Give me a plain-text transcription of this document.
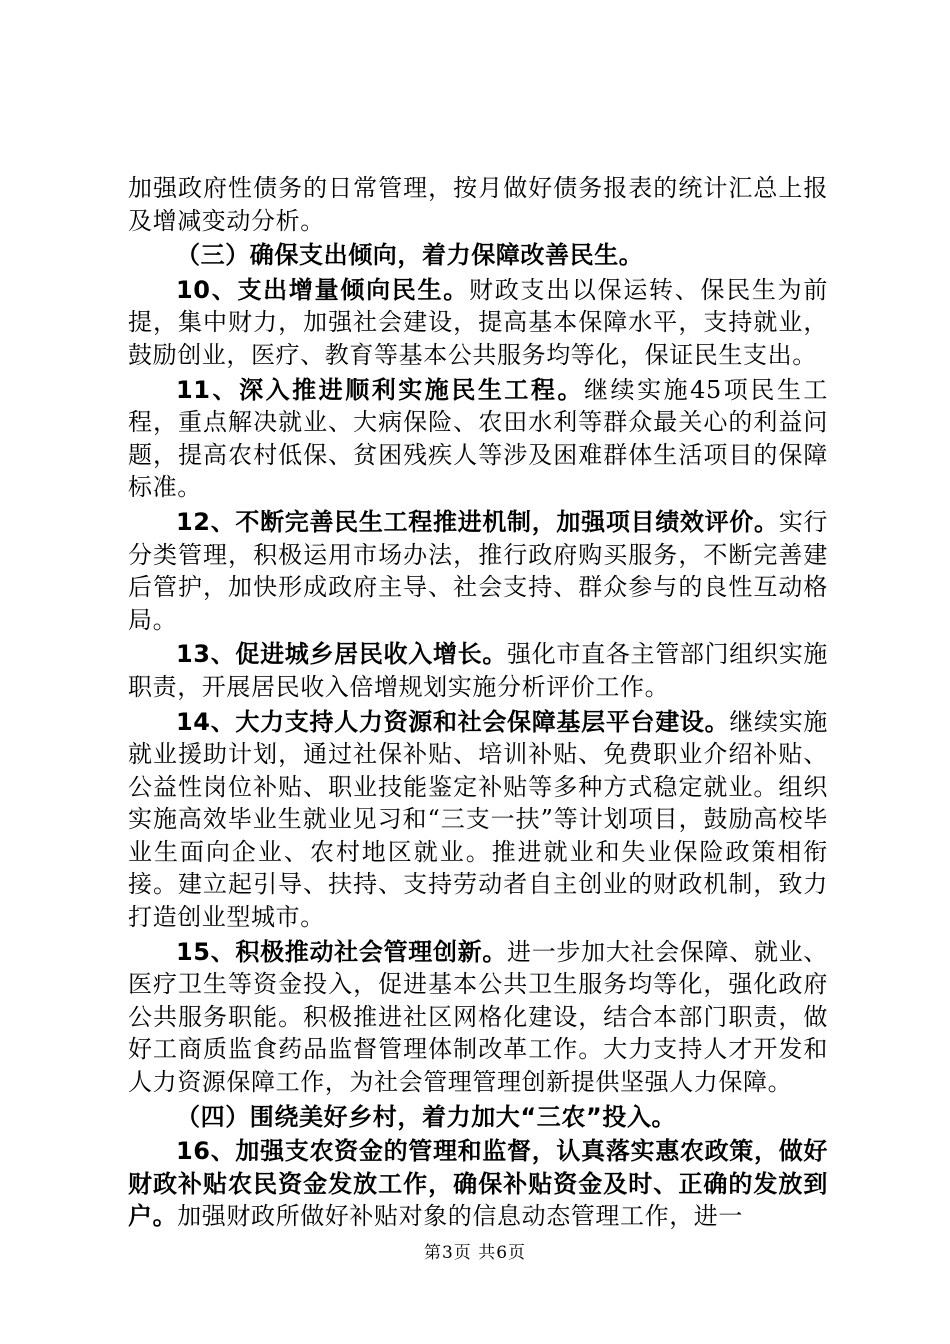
加强政府性债务的日常管理，按月做好债务报表的统计汇总上报及增减变动分析。

（三）确保支出倾向，着力保障改善民生。

10、支出增量倾向民生。财政支出以保运转、保民生为前提，集中财力，加强社会建设，提高基本保障水平，支持就业，鼓励创业，医疗、教育等基本公共服务均等化，保证民生支出。

11、深入推进顺利实施民生工程。继续实施45项民生工程，重点解决就业、大病保险、农田水利等群众最关心的利益问题，提高农村低保、贫困残疾人等涉及困难群体生活项目的保障标准。

12、不断完善民生工程推进机制，加强项目绩效评价。实行分类管理，积极运用市场办法，推行政府购买服务，不断完善建后管护，加快形成政府主导、社会支持、群众参与的良性互动格局。

13、促进城乡居民收入增长。强化市直各主管部门组织实施职责，开展居民收入倍增规划实施分析评价工作。

14、大力支持人力资源和社会保障基层平台建设。继续实施就业援助计划，通过社保补贴、培训补贴、免费职业介绍补贴、公益性岗位补贴、职业技能鉴定补贴等多种方式稳定就业。组织实施高效毕业生就业见习和“三支一扶”等计划项目，鼓励高校毕业生面向企业、农村地区就业。推进就业和失业保险政策相衔接。建立起引导、扶持、支持劳动者自主创业的财政机制，致力打造创业型城市。

15、积极推动社会管理创新。进一步加大社会保障、就业、医疗卫生等资金投入，促进基本公共卫生服务均等化，强化政府公共服务职能。积极推进社区网格化建设，结合本部门职责，做好工商质监食药品监督管理体制改革工作。大力支持人才开发和人力资源保障工作，为社会管理管理创新提供坚强人力保障。

（四）围绕美好乡村，着力加大“三农”投入。

16、加强支农资金的管理和监督，认真落实惠农政策，做好财政补贴农民资金发放工作，确保补贴资金及时、正确的发放到户。加强财政所做好补贴对象的信息动态管理工作，进一

第3页 共6页
